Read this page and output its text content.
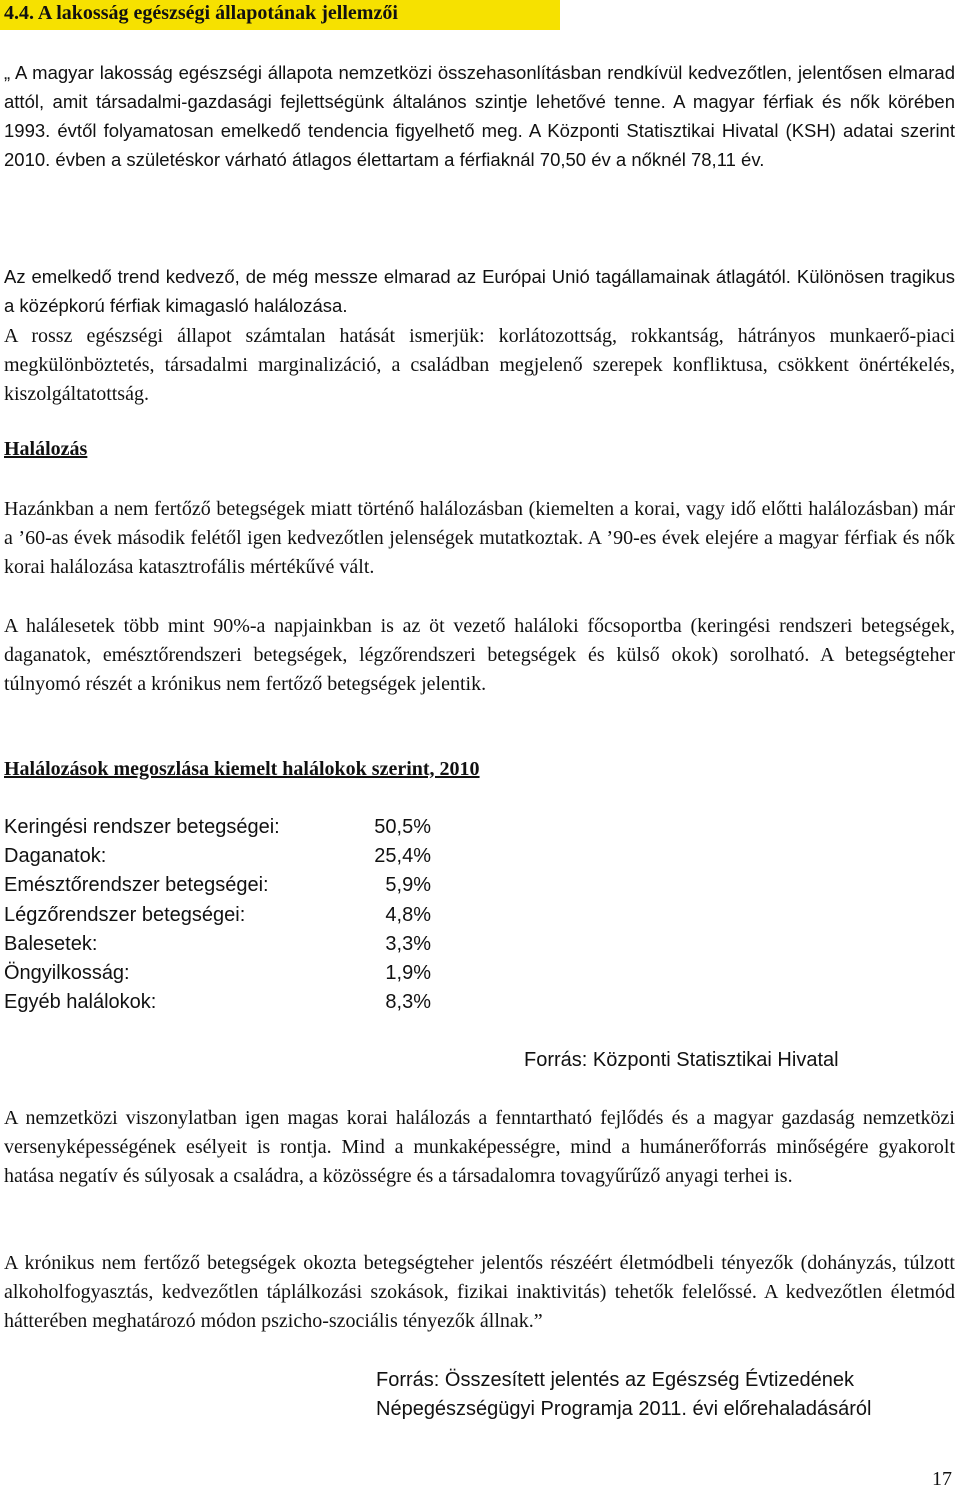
4.4. A lakosság egészségi állapotának jellemzői

„ A magyar lakosság egészségi állapota nemzetközi összehasonlításban rendkívül kedvezőtlen, jelentősen elmarad attól, amit társadalmi-gazdasági fejlettségünk általános szintje lehetővé tenne. A magyar férfiak és nők körében 1993. évtől folyamatosan emelkedő tendencia figyelhető meg. A Központi Statisztikai Hivatal (KSH) adatai szerint 2010. évben a születéskor várható átlagos élettartam a férfiaknál 70,50 év a nőknél 78,11 év.

Az emelkedő trend kedvező, de még messze elmarad az Európai Unió tagállamainak átlagától. Különösen tragikus a középkorú férfiak kimagasló halálozása.

A rossz egészségi állapot számtalan hatását ismerjük: korlátozottság, rokkantság, hátrányos munkaerő-piaci megkülönböztetés, társadalmi marginalizáció, a családban megjelenő szerepek konfliktusa, csökkent önértékelés, kiszolgáltatottság.

Halálozás

Hazánkban a nem fertőző betegségek miatt történő halálozásban (kiemelten a korai, vagy idő előtti halálozásban) már a ’60-as évek második felétől igen kedvezőtlen jelenségek mutatkoztak. A ’90-es évek elejére a magyar férfiak és nők korai halálozása katasztrofális mértékűvé vált.

A halálesetek több mint 90%-a napjainkban is az öt vezető haláloki főcsoportba (keringési rendszeri betegségek, daganatok, emésztőrendszeri betegségek, légzőrendszeri betegségek és külső okok) sorolható. A betegségteher túlnyomó részét a krónikus nem fertőző betegségek jelentik.

Halálozások megoszlása kiemelt halálokok szerint, 2010
Keringési rendszer betegségei:	50,5%
Daganatok:	25,4%
Emésztőrendszer betegségei:	5,9%
Légzőrendszer betegségei:	4,8%
Balesetek:	3,3%
Öngyilkosság:	1,9%
Egyéb halálokok:	8,3%

Forrás: Központi Statisztikai Hivatal

A nemzetközi viszonylatban igen magas korai halálozás a fenntartható fejlődés és a magyar gazdaság nemzetközi versenyképességének esélyeit is rontja. Mind a munkaképességre, mind a humánerőforrás minőségére gyakorolt hatása negatív és súlyosak a családra, a közösségre és a társadalomra tovagyűrűző anyagi terhei is.

A krónikus nem fertőző betegségek okozta betegségteher jelentős részéért életmódbeli tényezők (dohányzás, túlzott alkoholfogyasztás, kedvezőtlen táplálkozási szokások, fizikai inaktivitás) tehetők felelőssé. A kedvezőtlen életmód hátterében meghatározó módon pszicho-szociális tényezők állnak.”

Forrás: Összesített jelentés az Egészség Évtizedének

Népegészségügyi Programja 2011. évi előrehaladásáról

17
